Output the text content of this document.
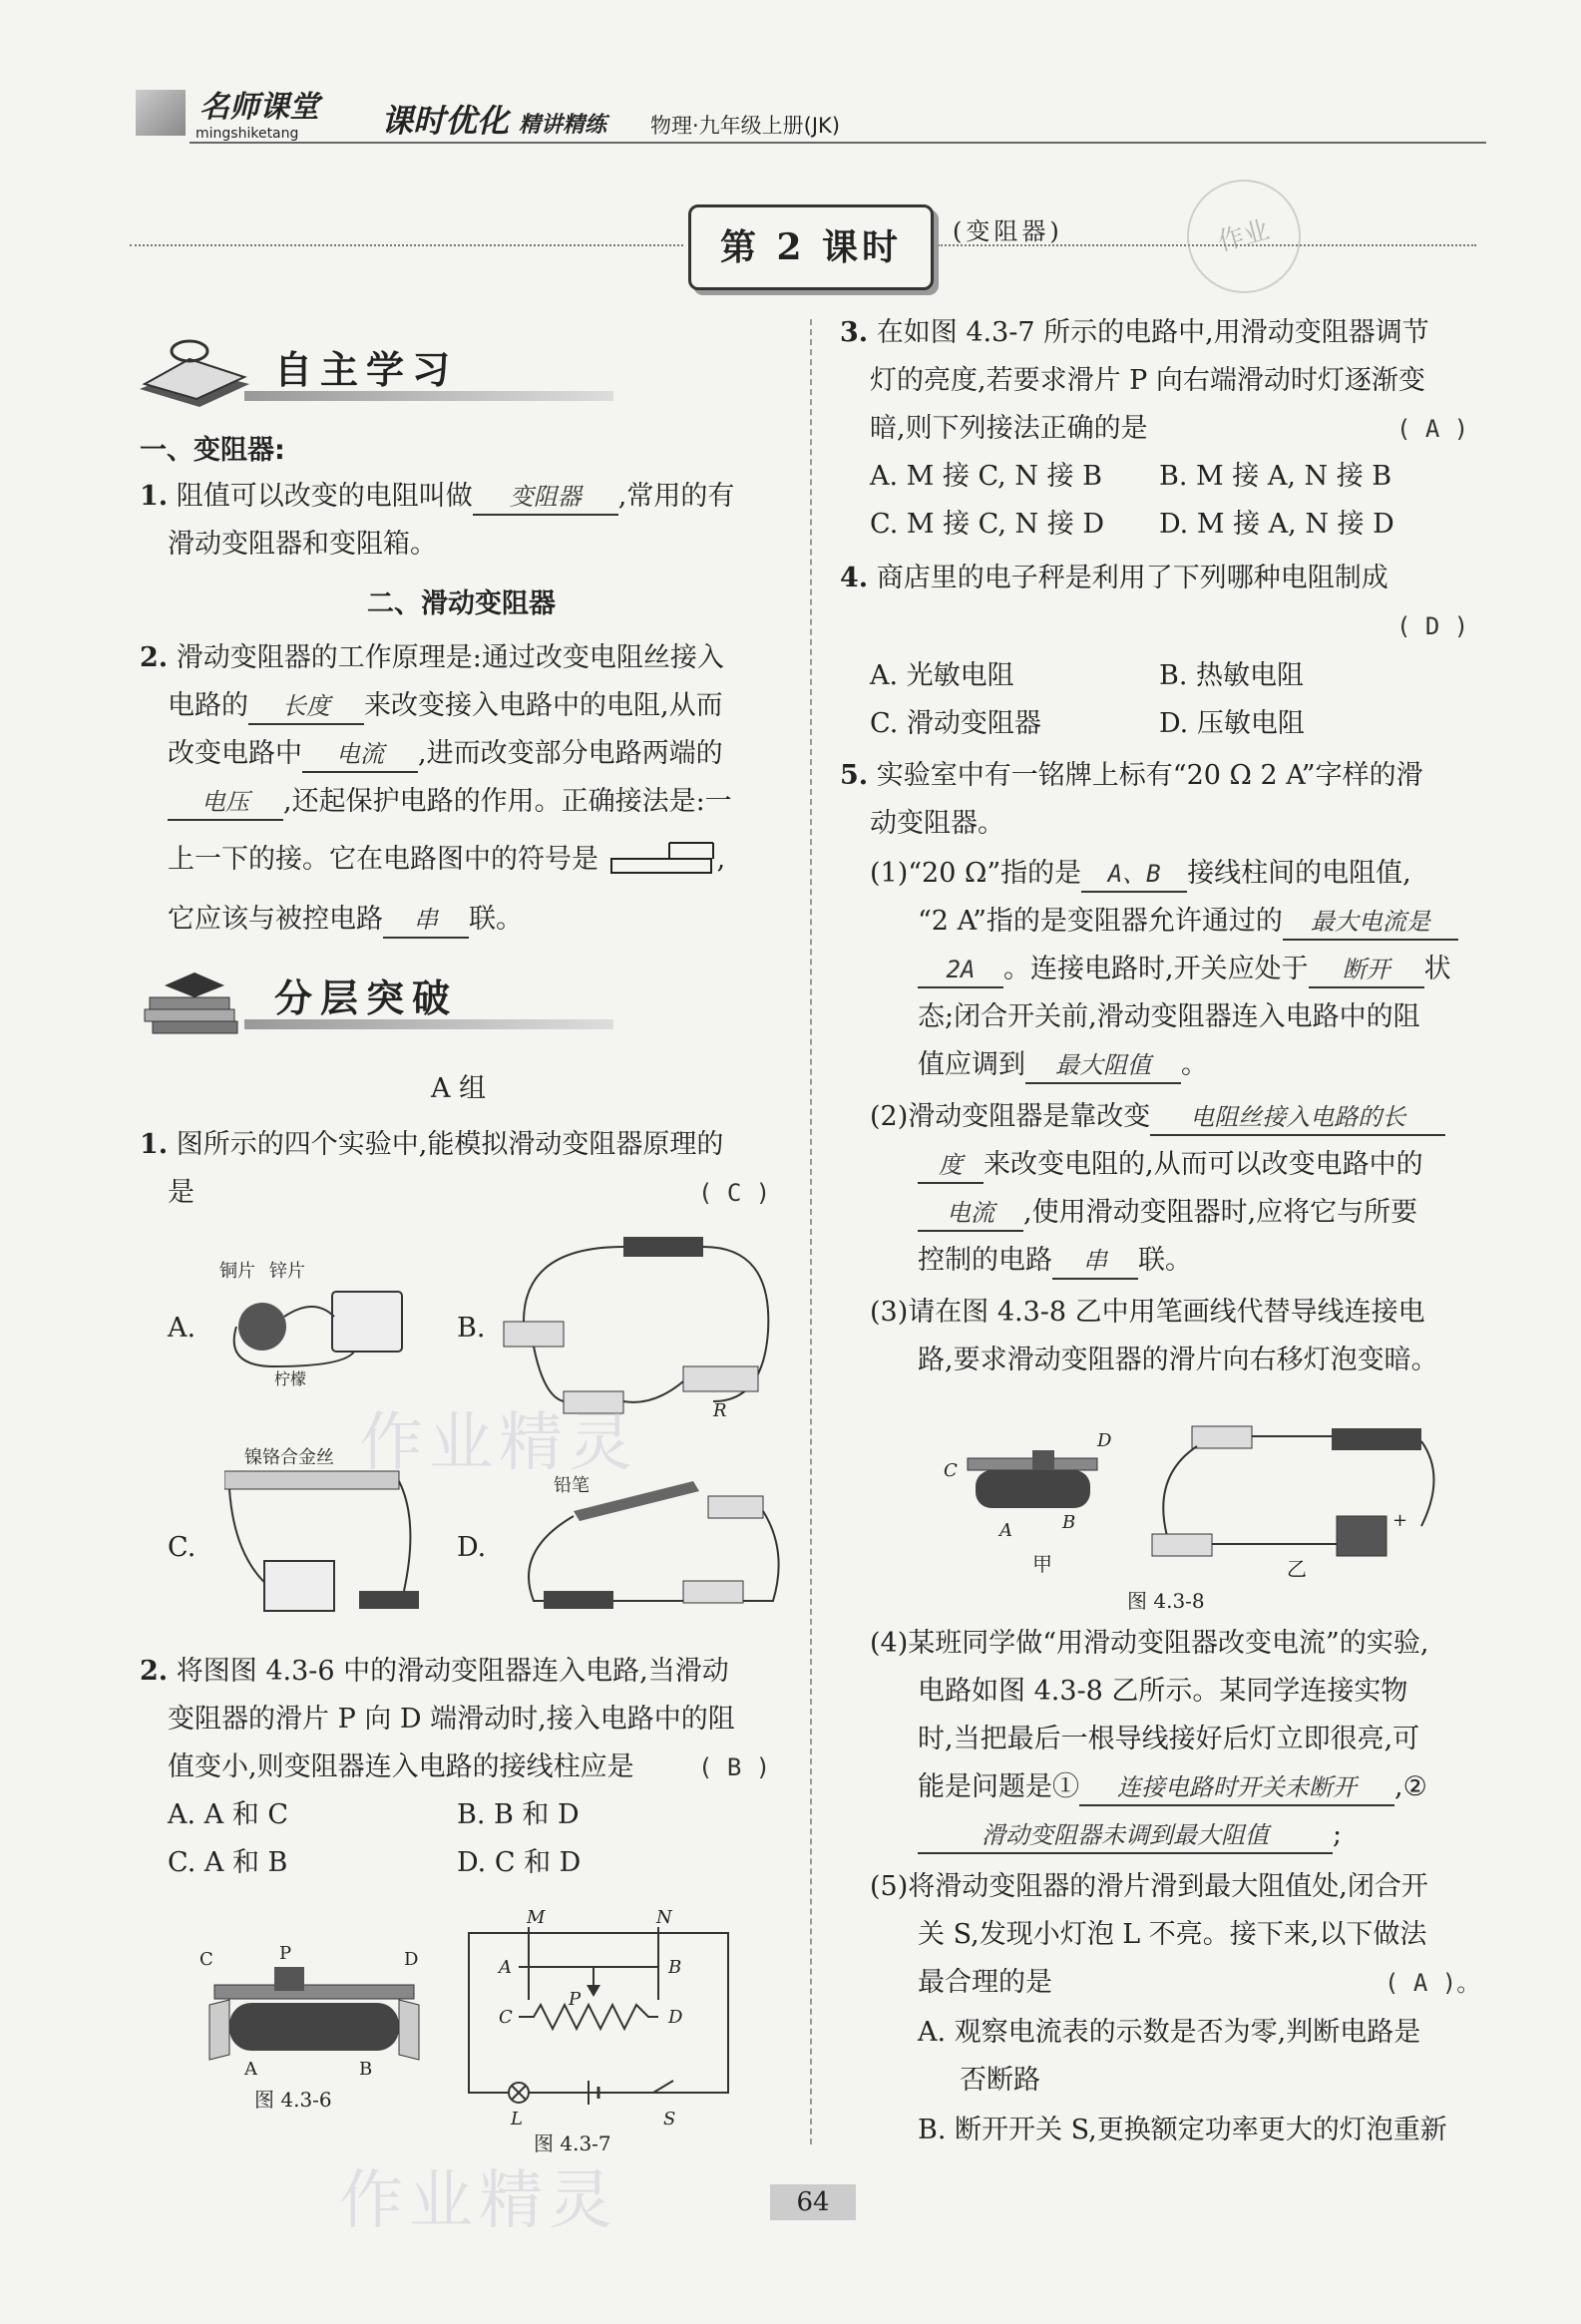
名师课堂
mingshiketang	课时优化 精讲精练 物理·九年级上册(JK)
第 2 课时	(变阻器)	作业
自主学习
一、变阻器:
1. 阻值可以改变的电阻叫做 变阻器 ,常用的有
滑动变阻器和变阻箱。
二、滑动变阻器
2. 滑动变阻器的工作原理是:通过改变电阻丝接入
电路的 长度 来改变接入电路中的电阻,从而
改变电路中 电流 ,进而改变部分电路两端的
电压 ,还起保护电路的作用。正确接法是:一
上一下的接。它在电路图中的符号是	,
它应该与被控电路 串 联。
分层突破
A 组
1. 图所示的四个实验中,能模拟滑动变阻器原理的
是	( C )
A.
铜片 锌片
柠檬
B.
R
C.
镍铬合金丝
D.
铅笔
2. 将图图 4.3-6 中的滑动变阻器连入电路,当滑动
变阻器的滑片 P 向 D 端滑动时,接入电路中的阻
值变小,则变阻器连入电路的接线柱应是	( B )
A. A 和 C	B. B 和 D
C. A 和 B	D. C 和 D
C	P	D
A	B
图 4.3-6
M	N
A	B
P
C	D
L	S
图 4.3-7
3. 在如图 4.3-7 所示的电路中,用滑动变阻器调节
灯的亮度,若要求滑片 P 向右端滑动时灯逐渐变
暗,则下列接法正确的是	( A )
A. M 接 C, N 接 B B. M 接 A, N 接 B
C. M 接 C, N 接 D D. M 接 A, N 接 D
4. 商店里的电子秤是利用了下列哪种电阻制成
( D )
A. 光敏电阻	B. 热敏电阻
C. 滑动变阻器	D. 压敏电阻
5. 实验室中有一铭牌上标有“20 Ω 2 A”字样的滑
动变阻器。
(1)“20 Ω”指的是 A、B 接线柱间的电阻值,
“2 A”指的是变阻器允许通过的 最大电流是
2A 。连接电路时,开关应处于 断开 状
态;闭合开关前,滑动变阻器连入电路中的阻
值应调到 最大阻值 。
(2)滑动变阻器是靠改变 电阻丝接入电路的长
度 来改变电阻的,从而可以改变电路中的
电流 ,使用滑动变阻器时,应将它与所要
控制的电路 串 联。
(3)请在图 4.3-8 乙中用笔画线代替导线连接电
路,要求滑动变阻器的滑片向右移灯泡变暗。
D
C
A	B
甲
+
乙
图 4.3-8
(4)某班同学做“用滑动变阻器改变电流”的实验,
电路如图 4.3-8 乙所示。某同学连接实物
时,当把最后一根导线接好后灯立即很亮,可
能是问题是① 连接电路时开关未断开 ,②
滑动变阻器未调到最大阻值 ;
(5)将滑动变阻器的滑片滑到最大阻值处,闭合开
关 S,发现小灯泡 L 不亮。接下来,以下做法
最合理的是	( A )。
A. 观察电流表的示数是否为零,判断电路是
否断路
B. 断开开关 S,更换额定功率更大的灯泡重新
64
作业精灵
作业精灵
